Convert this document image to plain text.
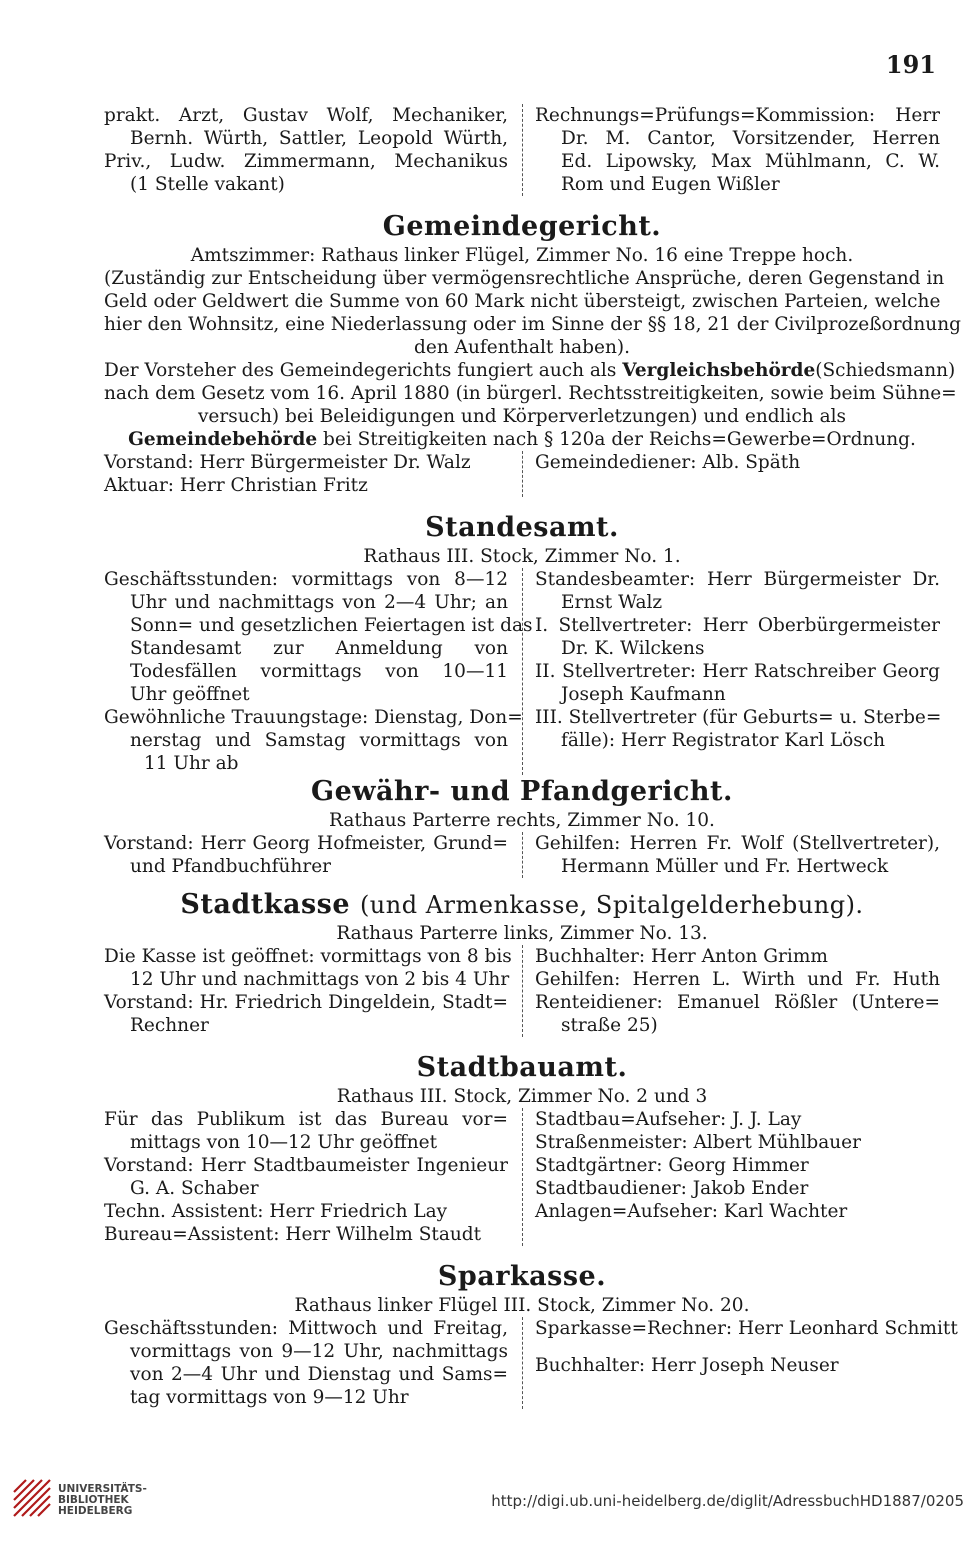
191
prakt. Arzt, Gustav Wolf, Mechaniker,
Bernh. Würth, Sattler, Leopold Würth,
Priv., Ludw. Zimmermann, Mechanikus
(1 Stelle vakant)
Rechnungs=Prüfungs=Kommission: Herr
Dr. M. Cantor, Vorsitzender, Herren
Ed. Lipowsky, Max Mühlmann, C. W.
Rom und Eugen Wißler
Gemeindegericht.
Amtszimmer: Rathaus linker Flügel, Zimmer No. 16 eine Treppe hoch.
(Zuständig zur Entscheidung über vermögensrechtliche Ansprüche, deren Gegenstand in
Geld oder Geldwert die Summe von 60 Mark nicht übersteigt, zwischen Parteien, welche
hier den Wohnsitz, eine Niederlassung oder im Sinne der §§ 18, 21 der Civilprozeßordnung
den Aufenthalt haben).
Der Vorsteher des Gemeindegerichts fungiert auch als Vergleichsbehörde(Schiedsmann)
nach dem Gesetz vom 16. April 1880 (in bürgerl. Rechtsstreitigkeiten, sowie beim Sühne=
versuch) bei Beleidigungen und Körperverletzungen) und endlich als
Gemeindebehörde bei Streitigkeiten nach § 120a der Reichs=Gewerbe=Ordnung.
Vorstand: Herr Bürgermeister Dr. Walz
Aktuar: Herr Christian Fritz
Gemeindediener: Alb. Späth
Standesamt.
Rathaus III. Stock, Zimmer No. 1.
Geschäftsstunden: vormittags von 8—12
Uhr und nachmittags von 2—4 Uhr; an
Sonn= und gesetzlichen Feiertagen ist das
Standesamt zur Anmeldung von
Todesfällen vormittags von 10—11
Uhr geöffnet
Gewöhnliche Trauungstage: Dienstag, Don=
nerstag und Samstag vormittags von
11 Uhr ab
Standesbeamter: Herr Bürgermeister Dr.
Ernst Walz
I. Stellvertreter: Herr Oberbürgermeister
Dr. K. Wilckens
II. Stellvertreter: Herr Ratschreiber Georg
Joseph Kaufmann
III. Stellvertreter (für Geburts= u. Sterbe=
fälle): Herr Registrator Karl Lösch
Gewähr- und Pfandgericht.
Rathaus Parterre rechts, Zimmer No. 10.
Vorstand: Herr Georg Hofmeister, Grund=
und Pfandbuchführer
Gehilfen: Herren Fr. Wolf (Stellvertreter),
Hermann Müller und Fr. Hertweck
Stadtkasse (und Armenkasse, Spitalgelderhebung).
Rathaus Parterre links, Zimmer No. 13.
Die Kasse ist geöffnet: vormittags von 8 bis
12 Uhr und nachmittags von 2 bis 4 Uhr
Vorstand: Hr. Friedrich Dingeldein, Stadt=
Rechner
Buchhalter: Herr Anton Grimm
Gehilfen: Herren L. Wirth und Fr. Huth
Renteidiener: Emanuel Rößler (Untere=
straße 25)
Stadtbauamt.
Rathaus III. Stock, Zimmer No. 2 und 3
Für das Publikum ist das Bureau vor=
mittags von 10—12 Uhr geöffnet
Vorstand: Herr Stadtbaumeister Ingenieur
G. A. Schaber
Techn. Assistent: Herr Friedrich Lay
Bureau=Assistent: Herr Wilhelm Staudt
Stadtbau=Aufseher: J. J. Lay
Straßenmeister: Albert Mühlbauer
Stadtgärtner: Georg Himmer
Stadtbaudiener: Jakob Ender
Anlagen=Aufseher: Karl Wachter
Sparkasse.
Rathaus linker Flügel III. Stock, Zimmer No. 20.
Geschäftsstunden: Mittwoch und Freitag,
vormittags von 9—12 Uhr, nachmittags
von 2—4 Uhr und Dienstag und Sams=
tag vormittags von 9—12 Uhr
Sparkasse=Rechner: Herr Leonhard Schmitt
Buchhalter: Herr Joseph Neuser
UNIVERSITÄTS-
BIBLIOTHEK
HEIDELBERG
http://digi.ub.uni-heidelberg.de/diglit/AdressbuchHD1887/0205
